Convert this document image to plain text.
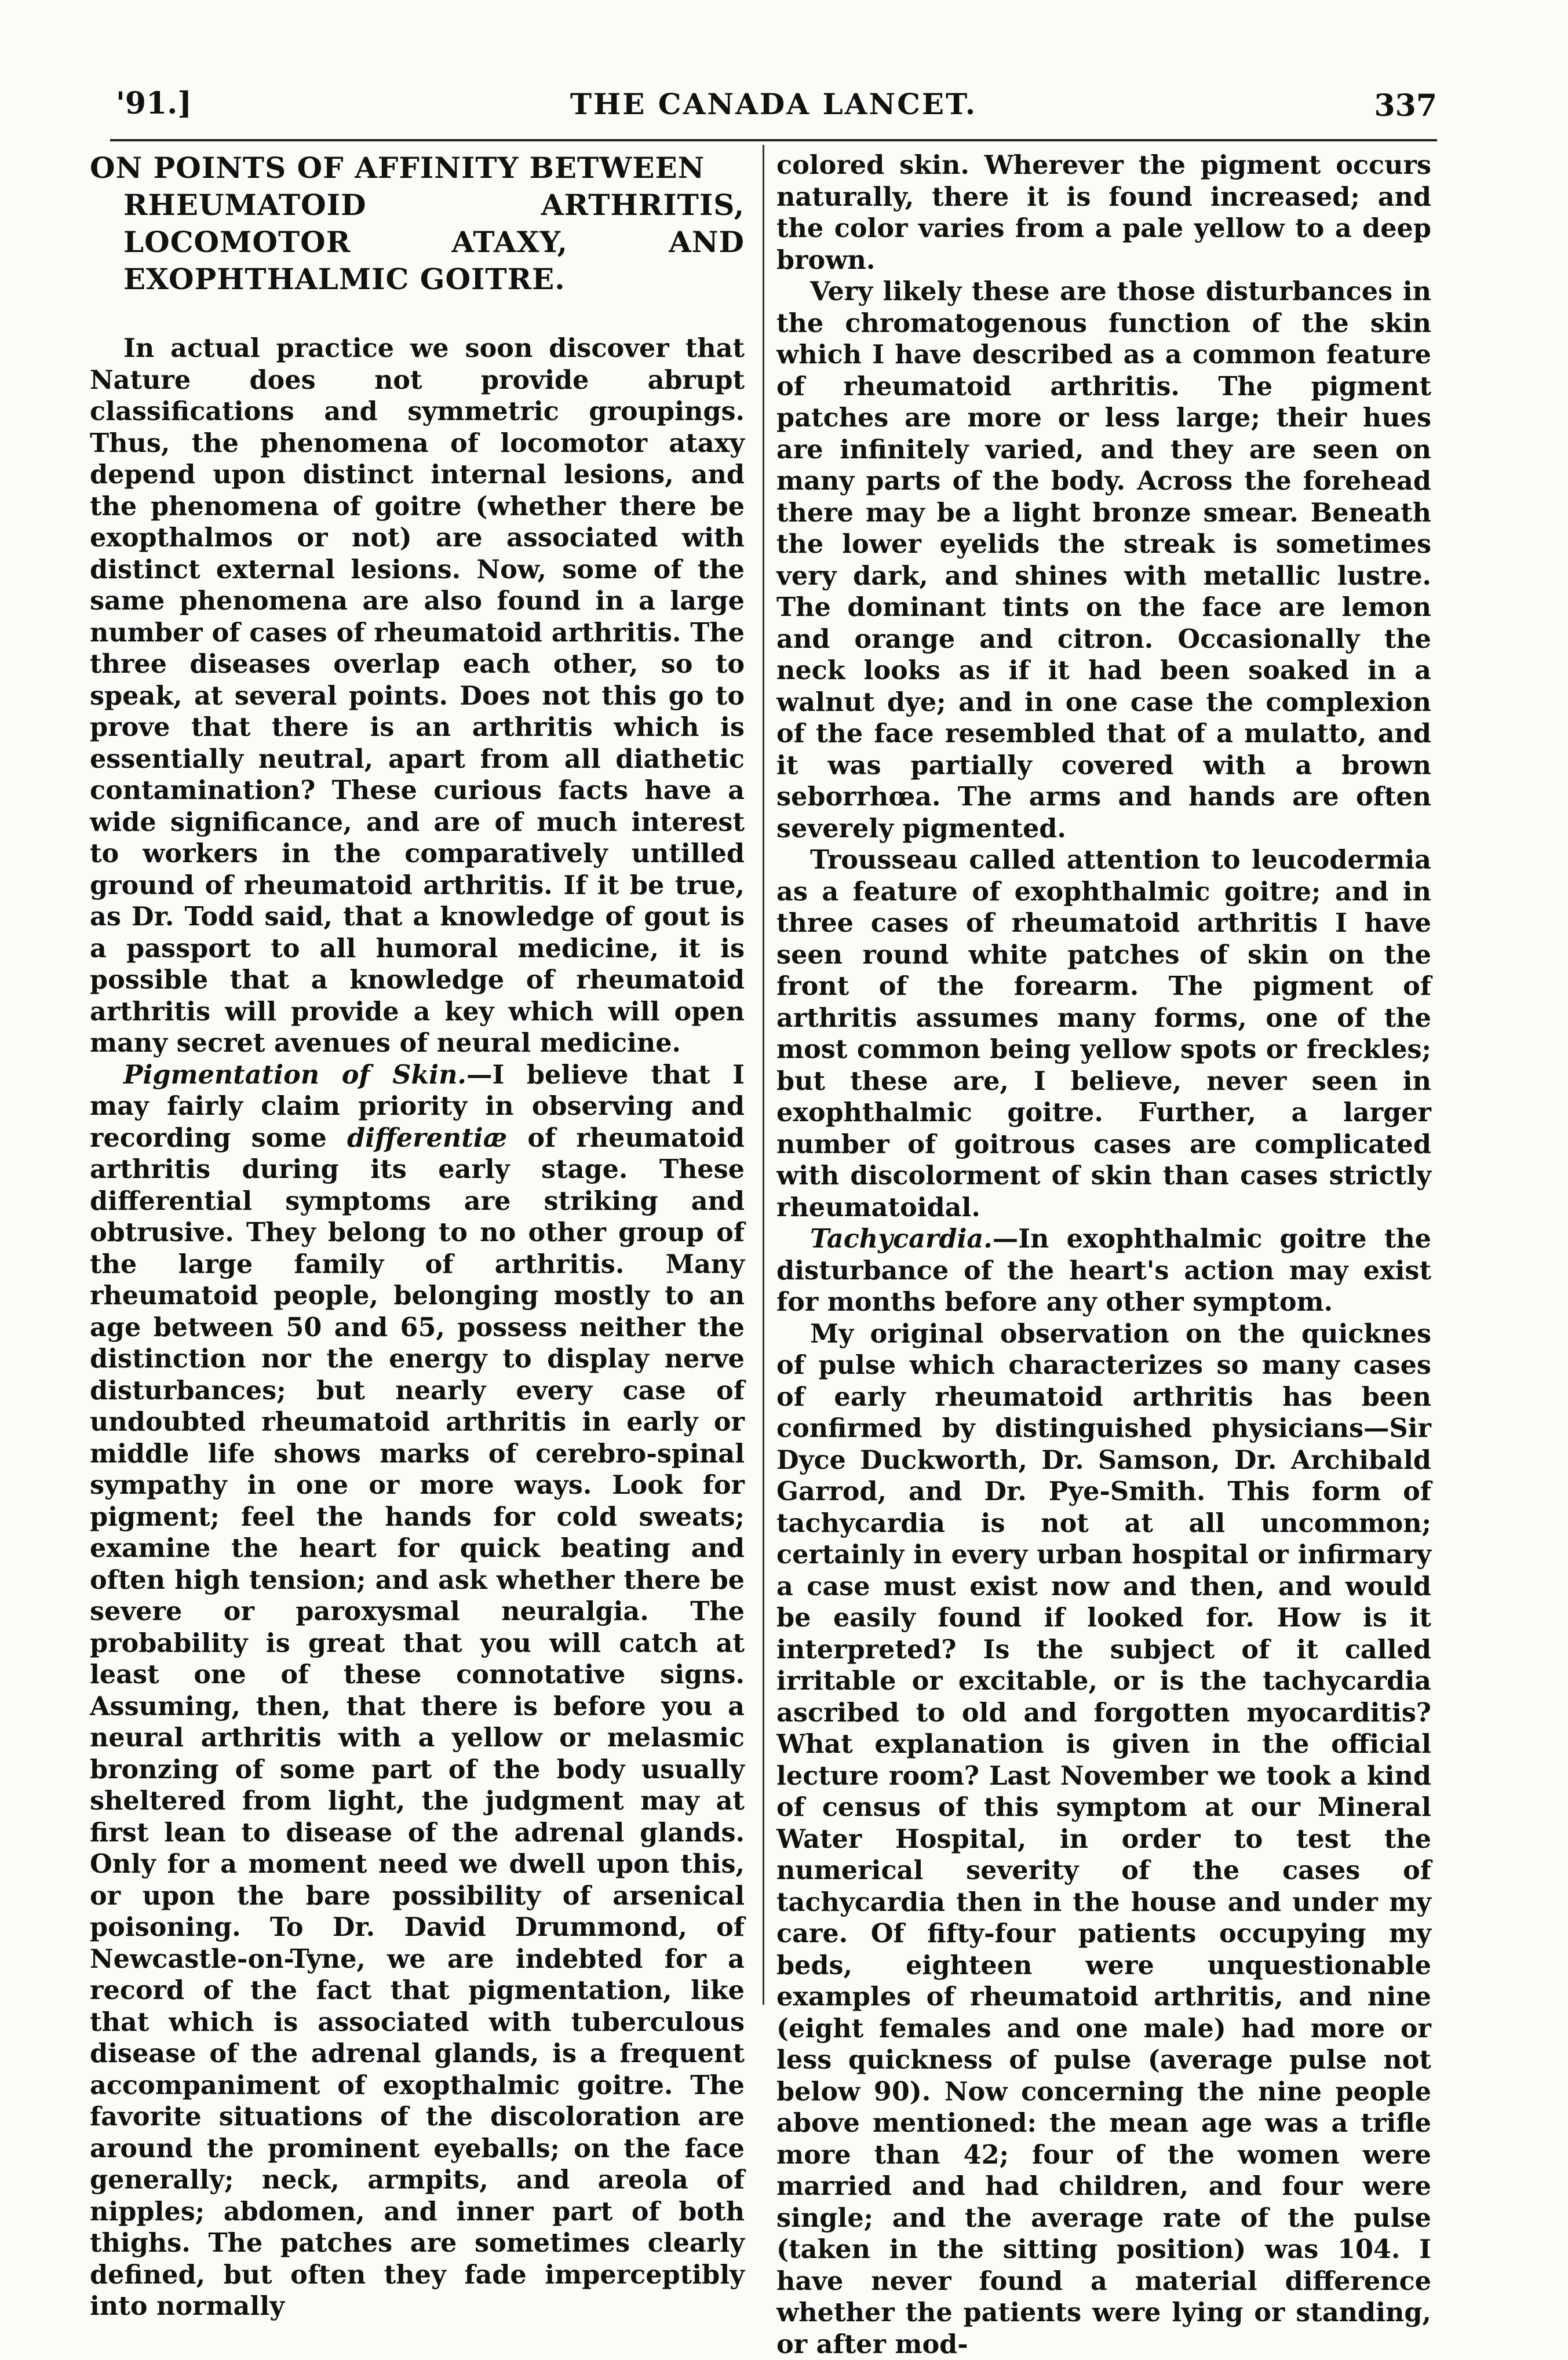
'91.]	THE CANADA LANCET.	337
ON POINTS OF AFFINITY BETWEEN
RHEUMATOID ARTHRITIS, LOCOMOTOR ATAXY, AND EXOPHTHALMIC GOITRE.

In actual practice we soon discover that Nature does not provide abrupt classifications and symmetric groupings. Thus, the phenomena of locomotor ataxy depend upon distinct internal lesions, and the phenomena of goitre (whether there be exopthalmos or not) are associated with distinct external lesions. Now, some of the same phenomena are also found in a large number of cases of rheumatoid arthritis. The three diseases overlap each other, so to speak, at several points. Does not this go to prove that there is an arthritis which is essentially neutral, apart from all diathetic contamination? These curious facts have a wide significance, and are of much interest to workers in the comparatively untilled ground of rheumatoid arthritis. If it be true, as Dr. Todd said, that a knowledge of gout is a passport to all humoral medicine, it is possible that a knowledge of rheumatoid arthritis will provide a key which will open many secret avenues of neural medicine.

Pigmentation of Skin.—I believe that I may fairly claim priority in observing and recording some differentiæ of rheumatoid arthritis during its early stage. These differential symptoms are striking and obtrusive. They belong to no other group of the large family of arthritis. Many rheumatoid people, belonging mostly to an age between 50 and 65, possess neither the distinction nor the energy to display nerve disturbances; but nearly every case of undoubted rheumatoid arthritis in early or middle life shows marks of cerebro-spinal sympathy in one or more ways. Look for pigment; feel the hands for cold sweats; examine the heart for quick beating and often high tension; and ask whether there be severe or paroxysmal neuralgia. The probability is great that you will catch at least one of these connotative signs. Assuming, then, that there is before you a neural arthritis with a yellow or melasmic bronzing of some part of the body usually sheltered from light, the judgment may at first lean to disease of the adrenal glands. Only for a moment need we dwell upon this, or upon the bare possibility of arsenical poisoning. To Dr. David Drummond, of Newcastle-on-Tyne, we are indebted for a record of the fact that pigmentation, like that which is associated with tuberculous disease of the adrenal glands, is a frequent accompaniment of exopthalmic goitre. The favorite situations of the discoloration are around the prominent eyeballs; on the face generally; neck, armpits, and areola of nipples; abdomen, and inner part of both thighs. The patches are sometimes clearly defined, but often they fade imperceptibly into normally

colored skin. Wherever the pigment occurs naturally, there it is found increased; and the color varies from a pale yellow to a deep brown.

Very likely these are those disturbances in the chromatogenous function of the skin which I have described as a common feature of rheumatoid arthritis. The pigment patches are more or less large; their hues are infinitely varied, and they are seen on many parts of the body. Across the forehead there may be a light bronze smear. Beneath the lower eyelids the streak is sometimes very dark, and shines with metallic lustre. The dominant tints on the face are lemon and orange and citron. Occasionally the neck looks as if it had been soaked in a walnut dye; and in one case the complexion of the face resembled that of a mulatto, and it was partially covered with a brown seborrhœa. The arms and hands are often severely pigmented.

Trousseau called attention to leucodermia as a feature of exophthalmic goitre; and in three cases of rheumatoid arthritis I have seen round white patches of skin on the front of the forearm. The pigment of arthritis assumes many forms, one of the most common being yellow spots or freckles; but these are, I believe, never seen in exophthalmic goitre. Further, a larger number of goitrous cases are complicated with discolorment of skin than cases strictly rheumatoidal.

Tachycardia.—In exophthalmic goitre the disturbance of the heart's action may exist for months before any other symptom.

My original observation on the quicknes of pulse which characterizes so many cases of early rheumatoid arthritis has been confirmed by distinguished physicians—Sir Dyce Duckworth, Dr. Samson, Dr. Archibald Garrod, and Dr. Pye-Smith. This form of tachycardia is not at all uncommon; certainly in every urban hospital or infirmary a case must exist now and then, and would be easily found if looked for. How is it interpreted? Is the subject of it called irritable or excitable, or is the tachycardia ascribed to old and forgotten myocarditis? What explanation is given in the official lecture room? Last November we took a kind of census of this symptom at our Mineral Water Hospital, in order to test the numerical severity of the cases of tachycardia then in the house and under my care. Of fifty-four patients occupying my beds, eighteen were unquestionable examples of rheumatoid arthritis, and nine (eight females and one male) had more or less quickness of pulse (average pulse not below 90). Now concerning the nine people above mentioned: the mean age was a trifle more than 42; four of the women were married and had children, and four were single; and the average rate of the pulse (taken in the sitting position) was 104. I have never found a material difference whether the patients were lying or standing, or after mod-
